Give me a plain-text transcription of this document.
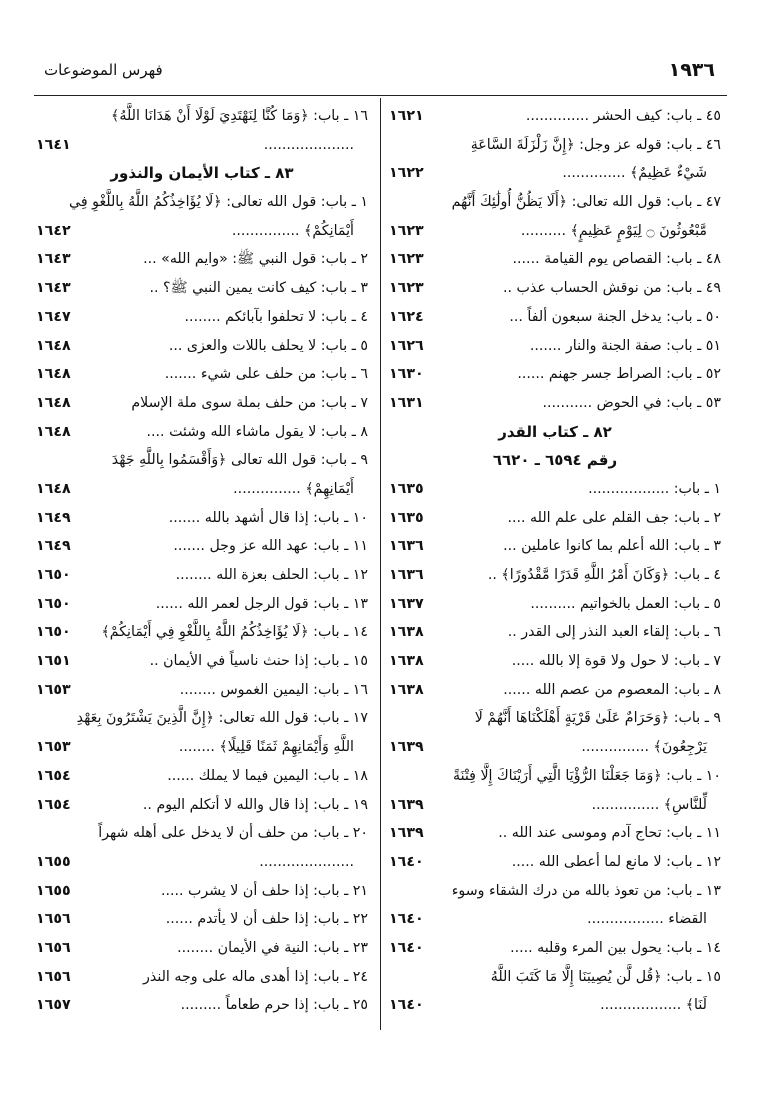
١٩٣٦
فهرس الموضوعات
٤٥ ـ باب: كيف الحشر ..............
١٦٢١
٤٦ ـ باب: قوله عز وجل: ﴿إِنَّ زَلْزَلَةَ السَّاعَةِ
شَيْءٌ عَظِيمٌ﴾ ..............
١٦٢٢
٤٧ ـ باب: قول الله تعالى: ﴿أَلَا يَظُنُّ أُولَٰئِكَ أَنَّهُم
مَّبْعُوثُونَ ۝ لِيَوْمٍ عَظِيمٍ﴾ ..........
١٦٢٣
٤٨ ـ باب: القصاص يوم القيامة ......
١٦٢٣
٤٩ ـ باب: من نوقش الحساب عذب ..
١٦٢٣
٥٠ ـ باب: يدخل الجنة سبعون ألفاً ...
١٦٢٤
٥١ ـ باب: صفة الجنة والنار .......
١٦٢٦
٥٢ ـ باب: الصراط جسر جهنم ......
١٦٣٠
٥٣ ـ باب: في الحوض ...........
١٦٣١
٨٢ ـ كتاب القدر
رقم ٦٥٩٤ ـ ٦٦٢٠
١ ـ باب: ..................
١٦٣٥
٢ ـ باب: جف القلم على علم الله ....
١٦٣٥
٣ ـ باب: الله أعلم بما كانوا عاملين ...
١٦٣٦
٤ ـ باب: ﴿وَكَانَ أَمْرُ اللَّهِ قَدَرًا مَّقْدُورًا﴾ ..
١٦٣٦
٥ ـ باب: العمل بالخواتيم ..........
١٦٣٧
٦ ـ باب: إلقاء العبد النذر إلى القدر ..
١٦٣٨
٧ ـ باب: لا حول ولا قوة إلا بالله .....
١٦٣٨
٨ ـ باب: المعصوم من عصم الله ......
١٦٣٨
٩ ـ باب: ﴿وَحَرَامٌ عَلَىٰ قَرْيَةٍ أَهْلَكْنَاهَا أَنَّهُمْ لَا
يَرْجِعُونَ﴾ ...............
١٦٣٩
١٠ ـ باب: ﴿وَمَا جَعَلْنَا الرُّؤْيَا الَّتِي أَرَيْنَاكَ إِلَّا فِتْنَةً
لِّلنَّاسِ﴾ ...............
١٦٣٩
١١ ـ باب: تحاج آدم وموسى عند الله ..
١٦٣٩
١٢ ـ باب: لا مانع لما أعطى الله .....
١٦٤٠
١٣ ـ باب: من تعوذ بالله من درك الشقاء وسوء
القضاء .................
١٦٤٠
١٤ ـ باب: يحول بين المرء وقلبه .....
١٦٤٠
١٥ ـ باب: ﴿قُل لَّن يُصِيبَنَا إِلَّا مَا كَتَبَ اللَّهُ
لَنَا﴾ ..................
١٦٤٠
١٦ ـ باب: ﴿وَمَا كُنَّا لِنَهْتَدِيَ لَوْلَا أَنْ هَدَانَا اللَّهُ﴾
....................
١٦٤١
٨٣ ـ كتاب الأيمان والنذور
١ ـ باب: قول الله تعالى: ﴿لَا يُؤَاخِذُكُمُ اللَّهُ بِاللَّغْوِ فِي
أَيْمَانِكُمْ﴾ ...............
١٦٤٢
٢ ـ باب: قول النبي ﷺ: «وايم الله» ...
١٦٤٣
٣ ـ باب: كيف كانت يمين النبي ﷺ؟ ..
١٦٤٣
٤ ـ باب: لا تحلفوا بآبائكم ........
١٦٤٧
٥ ـ باب: لا يحلف باللات والعزى ...
١٦٤٨
٦ ـ باب: من حلف على شيء .......
١٦٤٨
٧ ـ باب: من حلف بملة سوى ملة الإسلام
١٦٤٨
٨ ـ باب: لا يقول ماشاء الله وشئت ....
١٦٤٨
٩ ـ باب: قول الله تعالى ﴿وَأَقْسَمُوا بِاللَّهِ جَهْدَ
أَيْمَانِهِمْ﴾ ...............
١٦٤٨
١٠ ـ باب: إذا قال أشهد بالله .......
١٦٤٩
١١ ـ باب: عهد الله عز وجل .......
١٦٤٩
١٢ ـ باب: الحلف بعزة الله ........
١٦٥٠
١٣ ـ باب: قول الرجل لعمر الله ......
١٦٥٠
١٤ ـ باب: ﴿لَا يُؤَاخِذُكُمُ اللَّهُ بِاللَّغْوِ فِي أَيْمَانِكُمْ﴾
١٦٥٠
١٥ ـ باب: إذا حنث ناسياً في الأيمان ..
١٦٥١
١٦ ـ باب: اليمين الغموس ........
١٦٥٣
١٧ ـ باب: قول الله تعالى: ﴿إِنَّ الَّذِينَ يَشْتَرُونَ بِعَهْدِ
اللَّهِ وَأَيْمَانِهِمْ ثَمَنًا قَلِيلًا﴾ ........
١٦٥٣
١٨ ـ باب: اليمين فيما لا يملك ......
١٦٥٤
١٩ ـ باب: إذا قال والله لا أتكلم اليوم ..
١٦٥٤
٢٠ ـ باب: من حلف أن لا يدخل على أهله شهراً
.....................
١٦٥٥
٢١ ـ باب: إذا حلف أن لا يشرب .....
١٦٥٥
٢٢ ـ باب: إذا حلف أن لا يأتدم ......
١٦٥٦
٢٣ ـ باب: النية في الأيمان ........
١٦٥٦
٢٤ ـ باب: إذا أهدى ماله على وجه النذر
١٦٥٦
٢٥ ـ باب: إذا حرم طعاماً .........
١٦٥٧
